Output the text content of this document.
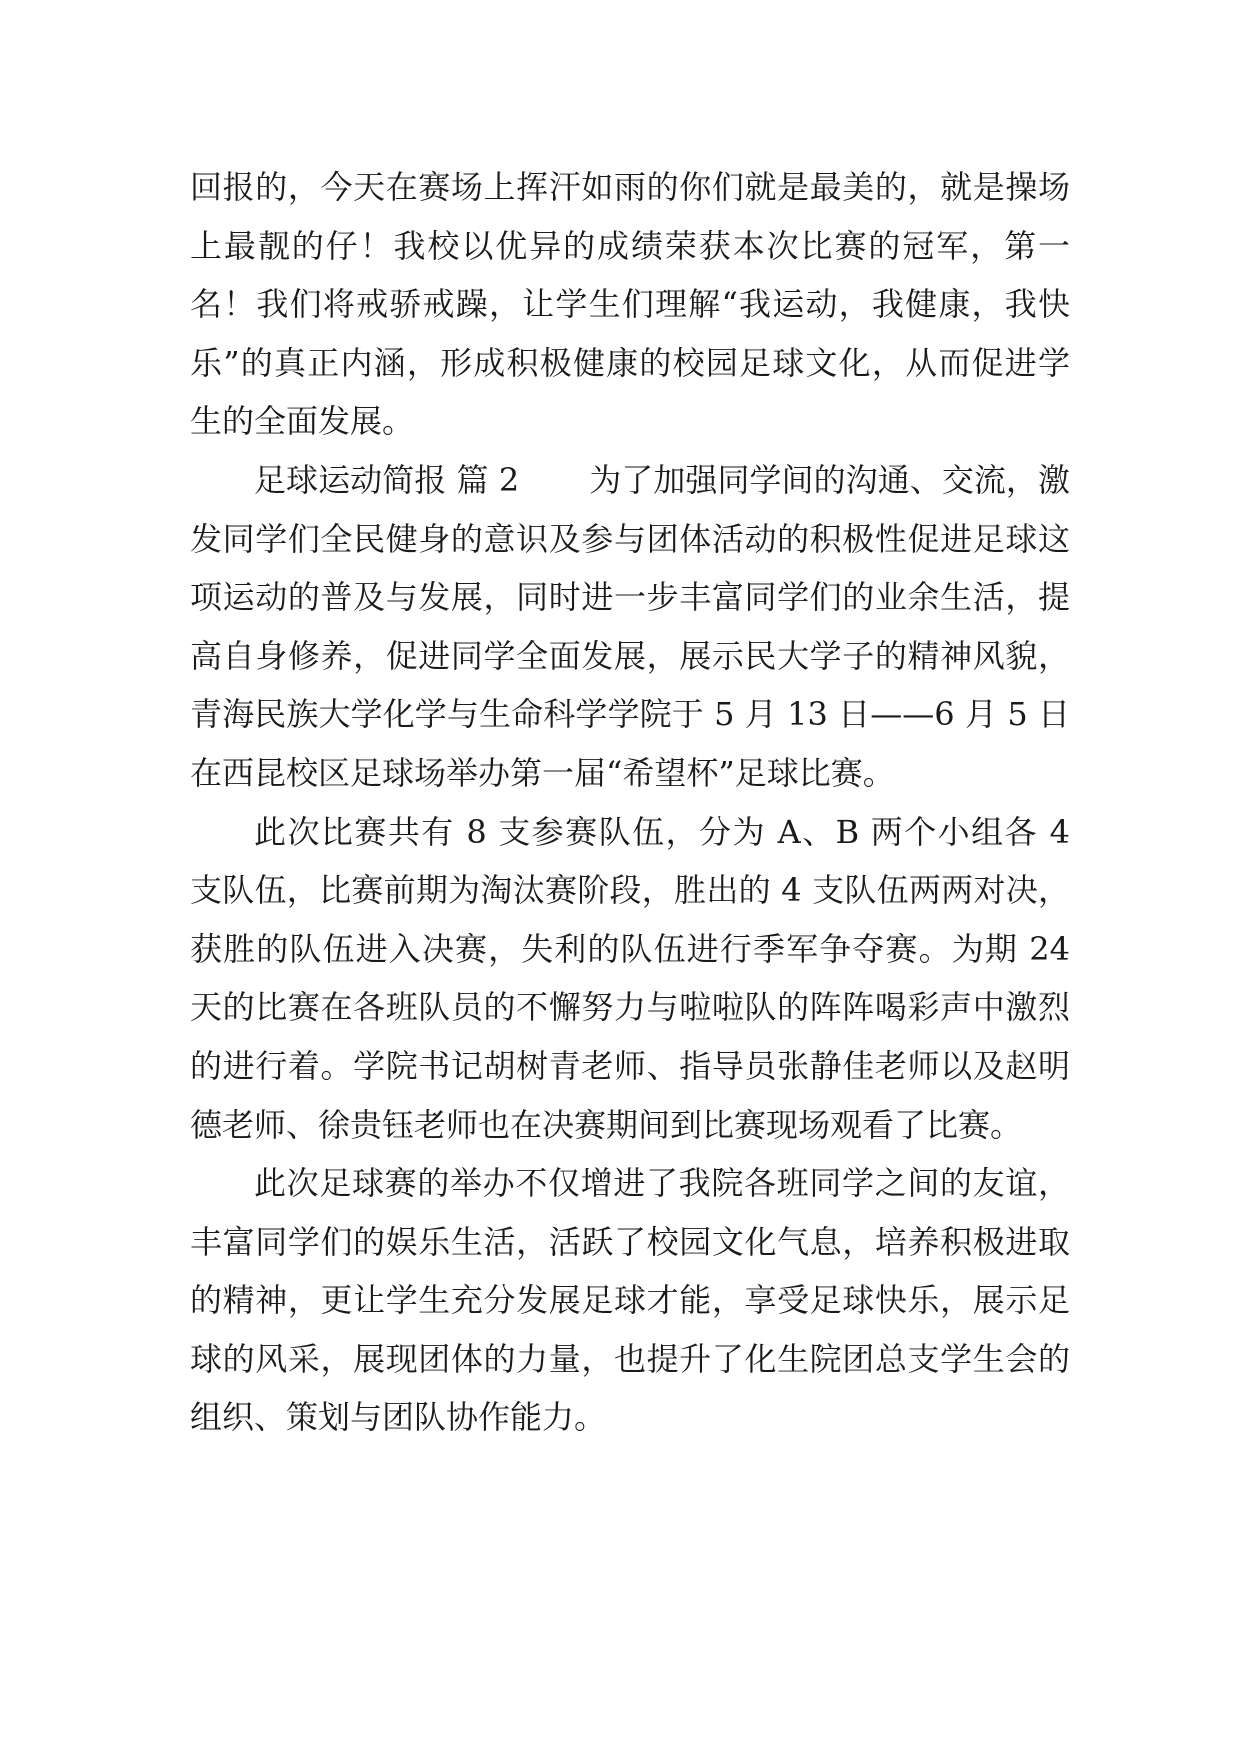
回报的，今天在赛场上挥汗如雨的你们就是最美的，就是操场上最靓的仔！我校以优异的成绩荣获本次比赛的冠军，第一名！我们将戒骄戒躁，让学生们理解“我运动，我健康，我快乐”的真正内涵，形成积极健康的校园足球文化，从而促进学生的全面发展。

足球运动简报 篇 2 为了加强同学间的沟通、交流，激发同学们全民健身的意识及参与团体活动的积极性促进足球这项运动的普及与发展，同时进一步丰富同学们的业余生活，提高自身修养，促进同学全面发展，展示民大学子的精神风貌，青海民族大学化学与生命科学学院于 5 月 13 日——6 月 5 日在西昆校区足球场举办第一届“希望杯”足球比赛。

此次比赛共有 8 支参赛队伍，分为 A、B 两个小组各 4 支队伍，比赛前期为淘汰赛阶段，胜出的 4 支队伍两两对决，获胜的队伍进入决赛，失利的队伍进行季军争夺赛。为期 24 天的比赛在各班队员的不懈努力与啦啦队的阵阵喝彩声中激烈的进行着。学院书记胡树青老师、指导员张静佳老师以及赵明德老师、徐贵钰老师也在决赛期间到比赛现场观看了比赛。

此次足球赛的举办不仅增进了我院各班同学之间的友谊，丰富同学们的娱乐生活，活跃了校园文化气息，培养积极进取的精神，更让学生充分发展足球才能，享受足球快乐，展示足球的风采，展现团体的力量，也提升了化生院团总支学生会的组织、策划与团队协作能力。
